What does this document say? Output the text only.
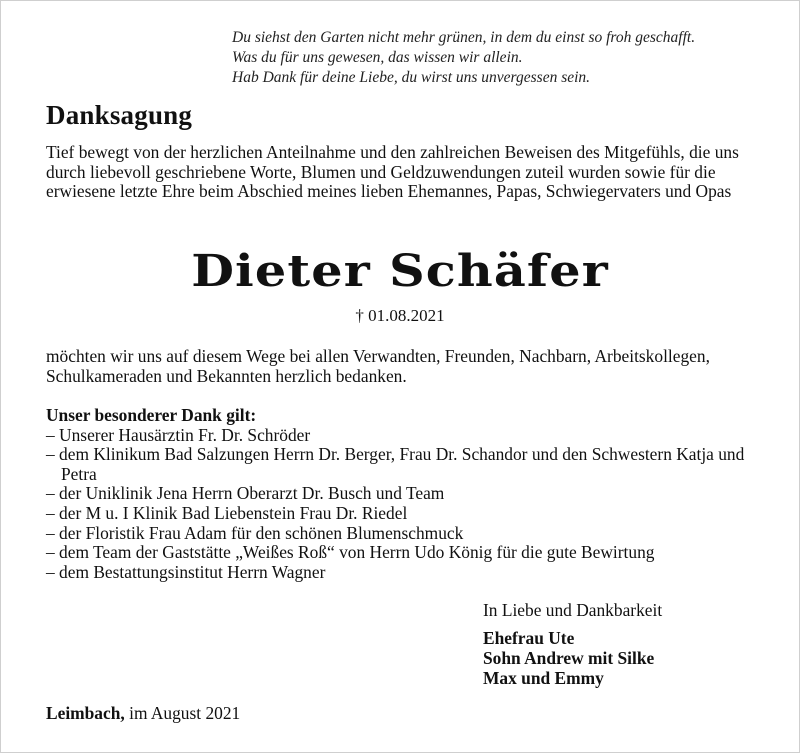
Du siehst den Garten nicht mehr grünen, in dem du einst so froh geschafft.
Was du für uns gewesen, das wissen wir allein.
Hab Dank für deine Liebe, du wirst uns unvergessen sein.
Danksagung
Tief bewegt von der herzlichen Anteilnahme und den zahlreichen Beweisen des Mitgefühls, die uns durch liebevoll geschriebene Worte, Blumen und Geldzuwendungen zuteil wurden sowie für die erwiesene letzte Ehre beim Abschied meines lieben Ehemannes, Papas, Schwiegervaters und Opas
Dieter Schäfer
† 01.08.2021
möchten wir uns auf diesem Wege bei allen Verwandten, Freunden, Nachbarn, Arbeitskollegen, Schulkameraden und Bekannten herzlich bedanken.
Unser besonderer Dank gilt:
– Unserer Hausärztin Fr. Dr. Schröder
– dem Klinikum Bad Salzungen Herrn Dr. Berger, Frau Dr. Schandor und den Schwestern Katja und Petra
– der Uniklinik Jena Herrn Oberarzt Dr. Busch und Team
– der M u. I Klinik Bad Liebenstein Frau Dr. Riedel
– der Floristik Frau Adam für den schönen Blumenschmuck
– dem Team der Gaststätte „Weißes Roß“ von Herrn Udo König für die gute Bewirtung
– dem Bestattungsinstitut Herrn Wagner
In Liebe und Dankbarkeit
Ehefrau Ute
Sohn Andrew mit Silke
Max und Emmy
Leimbach, im August 2021
